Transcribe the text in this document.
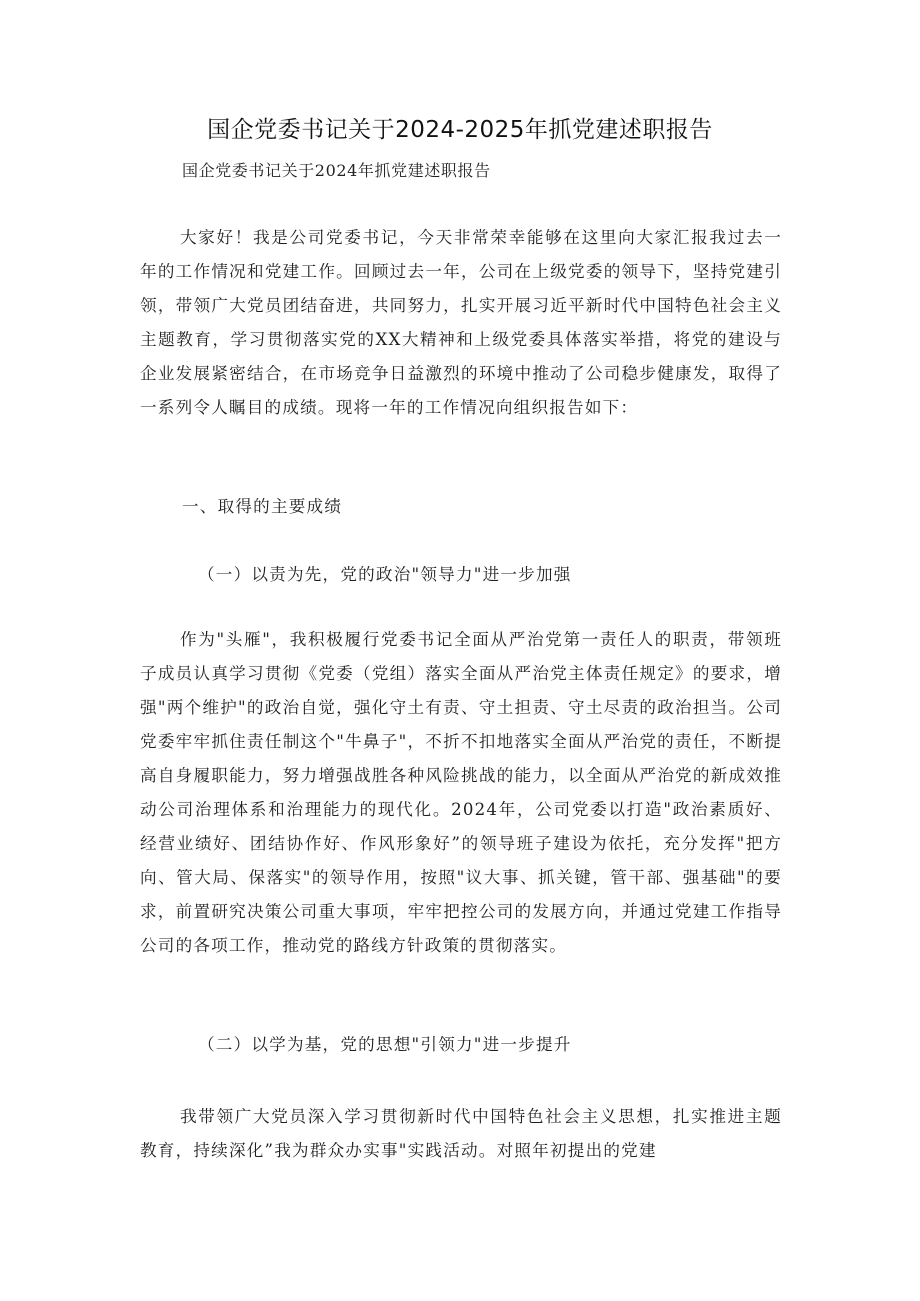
国企党委书记关于2024-2025年抓党建述职报告

国企党委书记关于2024年抓党建述职报告

大家好！我是公司党委书记，今天非常荣幸能够在这里向大家汇报我过去一年的工作情况和党建工作。回顾过去一年，公司在上级党委的领导下，坚持党建引领，带领广大党员团结奋进，共同努力，扎实开展习近平新时代中国特色社会主义主题教育，学习贯彻落实党的XX大精神和上级党委具体落实举措，将党的建设与企业发展紧密结合，在市场竞争日益激烈的环境中推动了公司稳步健康发，取得了一系列令人瞩目的成绩。现将一年的工作情况向组织报告如下：

一、取得的主要成绩

（一）以责为先，党的政治"领导力"进一步加强

作为"头雁"，我积极履行党委书记全面从严治党第一责任人的职责，带领班子成员认真学习贯彻《党委（党组）落实全面从严治党主体责任规定》的要求，增强"两个维护"的政治自觉，强化守土有责、守土担责、守土尽责的政治担当。公司党委牢牢抓住责任制这个"牛鼻子"，不折不扣地落实全面从严治党的责任，不断提高自身履职能力，努力增强战胜各种风险挑战的能力，以全面从严治党的新成效推动公司治理体系和治理能力的现代化。2024年，公司党委以打造"政治素质好、经营业绩好、团结协作好、作风形象好”的领导班子建设为依托，充分发挥"把方向、管大局、保落实"的领导作用，按照"议大事、抓关键，管干部、强基础"的要求，前置研究决策公司重大事项，牢牢把控公司的发展方向，并通过党建工作指导公司的各项工作，推动党的路线方针政策的贯彻落实。

（二）以学为基，党的思想"引领力"进一步提升

我带领广大党员深入学习贯彻新时代中国特色社会主义思想，扎实推进主题教育，持续深化”我为群众办实事"实践活动。对照年初提出的党建
